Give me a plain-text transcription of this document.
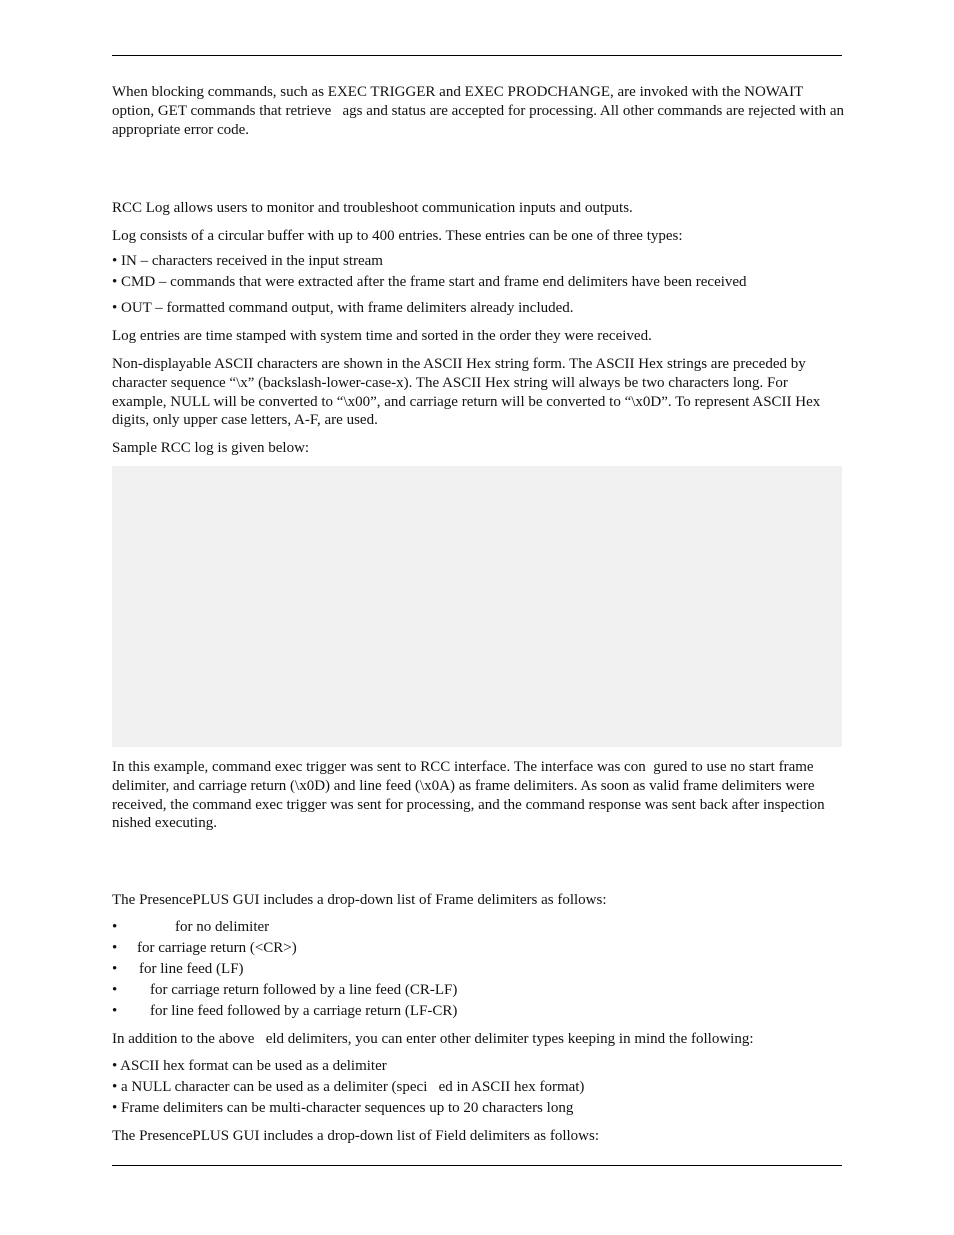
When blocking commands, such as EXEC TRIGGER and EXEC PRODCHANGE, are invoked with the NOWAIT option, GET commands that retrieve   ags and status are accepted for processing. All other commands are rejected with an appropriate error code.

RCC Log allows users to monitor and troubleshoot communication inputs and outputs.

Log consists of a circular buffer with up to 400 entries. These entries can be one of three types:

• IN – characters received in the input stream

• CMD – commands that were extracted after the frame start and frame end delimiters have been received

• OUT – formatted command output, with frame delimiters already included.

Log entries are time stamped with system time and sorted in the order they were received.

Non-displayable ASCII characters are shown in the ASCII Hex string form. The ASCII Hex strings are preceded by character sequence “\x” (backslash-lower-case-x). The ASCII Hex string will always be two characters long. For example, NULL will be converted to “\x00”, and carriage return will be converted to “\x0D”. To represent ASCII Hex digits, only upper case letters, A-F, are used.

Sample RCC log is given below:

In this example, command exec trigger was sent to RCC interface. The interface was con  gured to use no start frame delimiter, and carriage return (\x0D) and line feed (\x0A) as frame delimiters. As soon as valid frame delimiters were received, the command exec trigger was sent for processing, and the command response was sent back after inspection   nished executing.

The PresencePLUS GUI includes a drop-down list of Frame delimiters as follows:

•	for no delimiter
• for carriage return (<CR>)
• for line feed (LF)
• for carriage return followed by a line feed (CR-LF)
• for line feed followed by a carriage return (LF-CR)

In addition to the above   eld delimiters, you can enter other delimiter types keeping in mind the following:

• ASCII hex format can be used as a delimiter

• a NULL character can be used as a delimiter (speci   ed in ASCII hex format)

• Frame delimiters can be multi-character sequences up to 20 characters long

The PresencePLUS GUI includes a drop-down list of Field delimiters as follows:
